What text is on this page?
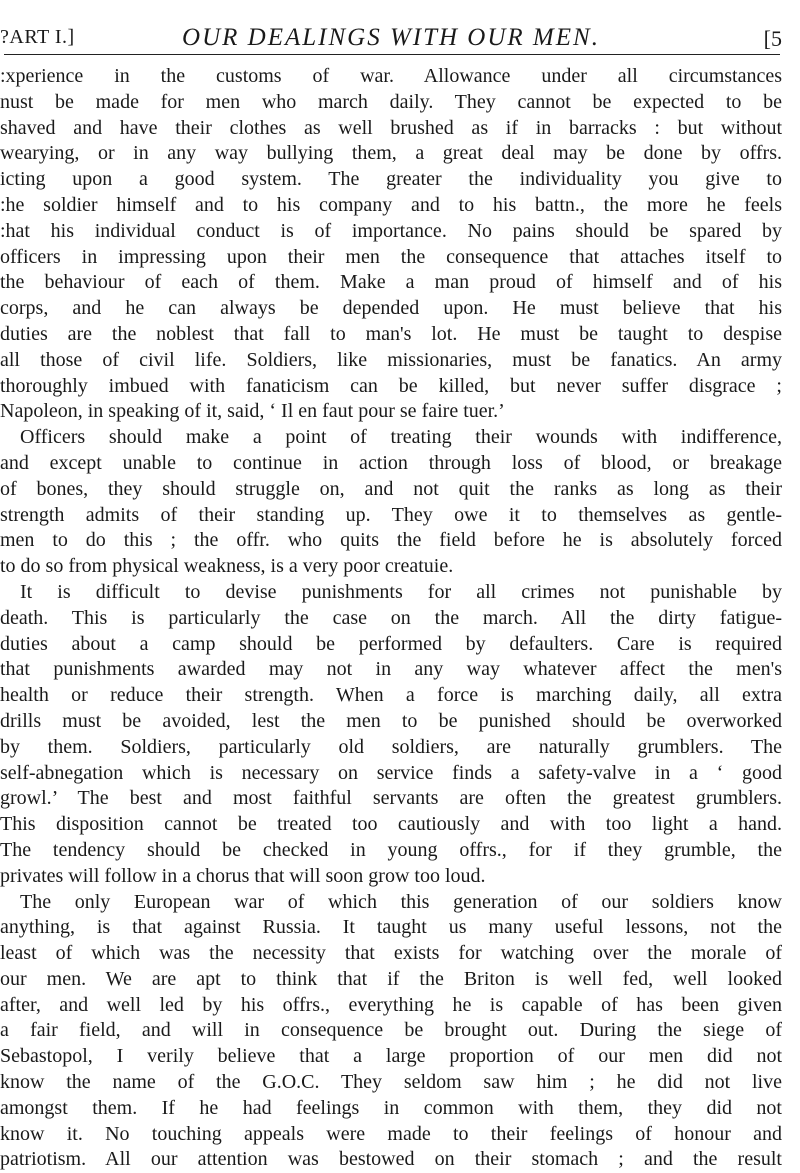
?ART I.]	OUR DEALINGS WITH OUR MEN.	[5
:xperience in the customs of war. Allowance under all circumstances
nust be made for men who march daily. They cannot be expected to be
shaved and have their clothes as well brushed as if in barracks : but without
wearying, or in any way bullying them, a great deal may be done by offrs.
icting upon a good system. The greater the individuality you give to
:he soldier himself and to his company and to his battn., the more he feels
:hat his individual conduct is of importance. No pains should be spared by
officers in impressing upon their men the consequence that attaches itself to
the behaviour of each of them. Make a man proud of himself and of his
corps, and he can always be depended upon. He must believe that his
duties are the noblest that fall to man's lot. He must be taught to despise
all those of civil life. Soldiers, like missionaries, must be fanatics. An army
thoroughly imbued with fanaticism can be killed, but never suffer disgrace ;
Napoleon, in speaking of it, said, ‘ Il en faut pour se faire tuer.’
Officers should make a point of treating their wounds with indifference,
and except unable to continue in action through loss of blood, or breakage
of bones, they should struggle on, and not quit the ranks as long as their
strength admits of their standing up. They owe it to themselves as gentle-
men to do this ; the offr. who quits the field before he is absolutely forced
to do so from physical weakness, is a very poor creatuie.
It is difficult to devise punishments for all crimes not punishable by
death. This is particularly the case on the march. All the dirty fatigue-
duties about a camp should be performed by defaulters. Care is required
that punishments awarded may not in any way whatever affect the men's
health or reduce their strength. When a force is marching daily, all extra
drills must be avoided, lest the men to be punished should be overworked
by them. Soldiers, particularly old soldiers, are naturally grumblers. The
self-abnegation which is necessary on service finds a safety-valve in a ‘ good
growl.’ The best and most faithful servants are often the greatest grumblers.
This disposition cannot be treated too cautiously and with too light a hand.
The tendency should be checked in young offrs., for if they grumble, the
privates will follow in a chorus that will soon grow too loud.
The only European war of which this generation of our soldiers know
anything, is that against Russia. It taught us many useful lessons, not the
least of which was the necessity that exists for watching over the morale of
our men. We are apt to think that if the Briton is well fed, well looked
after, and well led by his offrs., everything he is capable of has been given
a fair field, and will in consequence be brought out. During the siege of
Sebastopol, I verily believe that a large proportion of our men did not
know the name of the G.O.C. They seldom saw him ; he did not live
amongst them. If he had feelings in common with them, they did not
know it. No touching appeals were made to their feelings of honour and
patriotism. All our attention was bestowed on their stomach ; and the result
